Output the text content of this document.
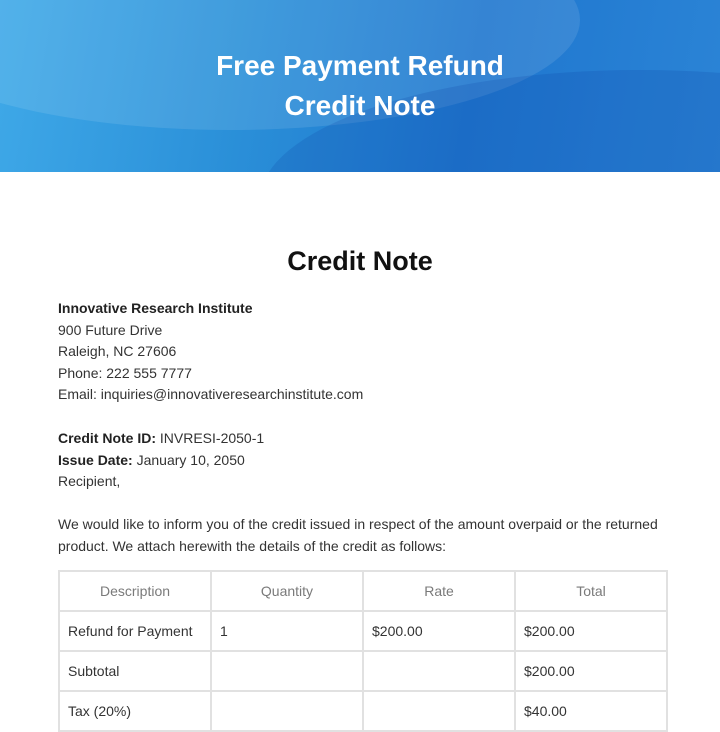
Free Payment Refund
Credit Note
Credit Note
Innovative Research Institute
900 Future Drive
Raleigh, NC 27606
Phone: 222 555 7777
Email: inquiries@innovativeresearchinstitute.com
Credit Note ID: INVRESI-2050-1
Issue Date: January 10, 2050
Recipient,
We would like to inform you of the credit issued in respect of the amount overpaid or the returned product. We attach herewith the details of the credit as follows:
Description	Quantity	Rate	Total
Refund for Payment	1	$200.00	$200.00
Subtotal			$200.00
Tax (20%)			$40.00
